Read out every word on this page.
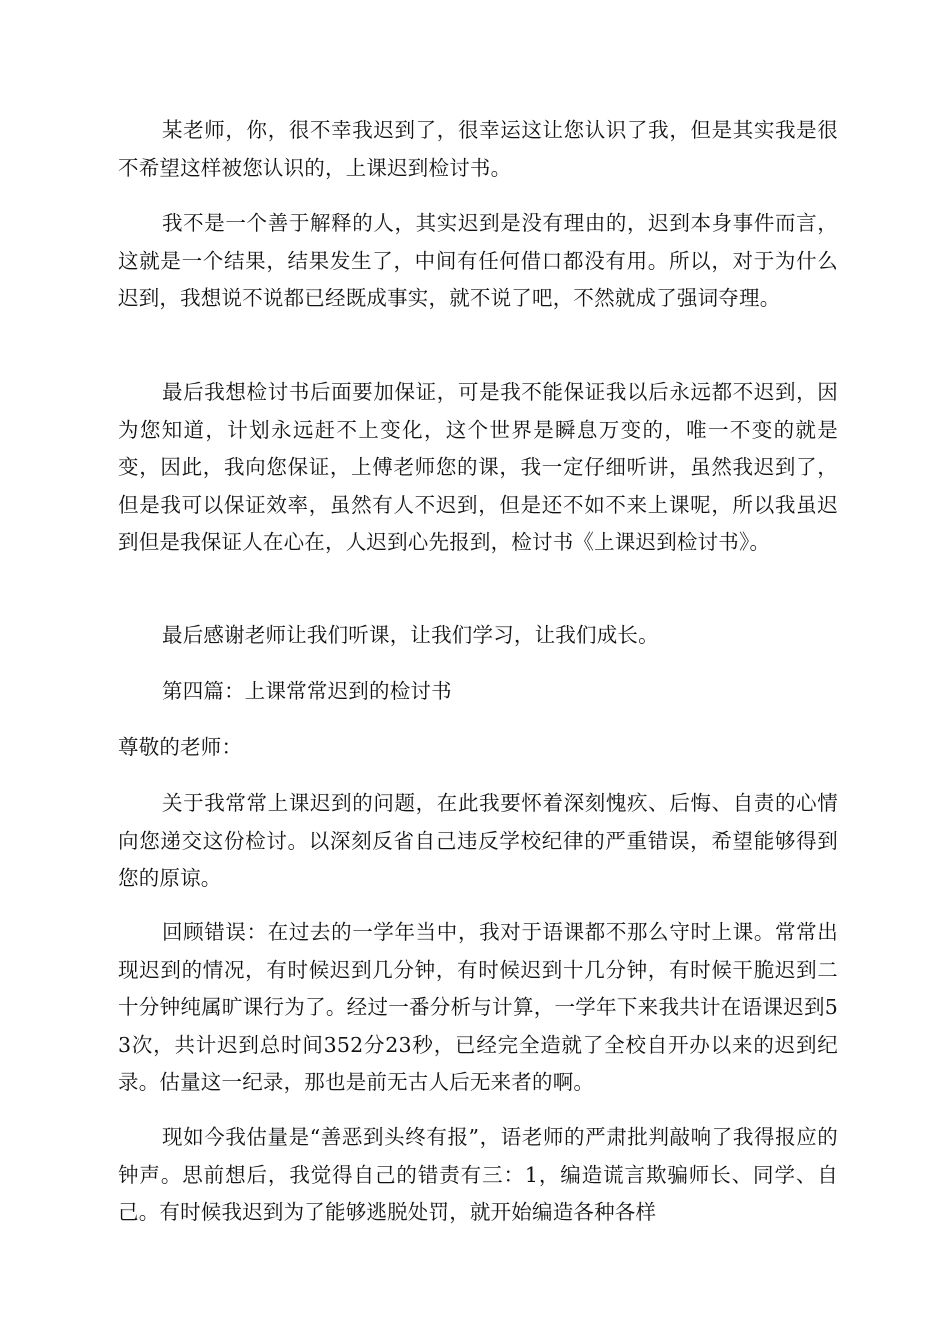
某老师，你，很不幸我迟到了，很幸运这让您认识了我，但是其实我是很不希望这样被您认识的，上课迟到检讨书。

我不是一个善于解释的人，其实迟到是没有理由的，迟到本身事件而言，这就是一个结果，结果发生了，中间有任何借口都没有用。所以，对于为什么迟到，我想说不说都已经既成事实，就不说了吧，不然就成了强词夺理。

最后我想检讨书后面要加保证，可是我不能保证我以后永远都不迟到，因为您知道，计划永远赶不上变化，这个世界是瞬息万变的，唯一不变的就是变，因此，我向您保证，上傅老师您的课，我一定仔细听讲，虽然我迟到了，但是我可以保证效率，虽然有人不迟到，但是还不如不来上课呢，所以我虽迟到但是我保证人在心在，人迟到心先报到，检讨书《上课迟到检讨书》。

最后感谢老师让我们听课，让我们学习，让我们成长。

第四篇：上课常常迟到的检讨书

尊敬的老师：

关于我常常上课迟到的问题，在此我要怀着深刻愧疚、后悔、自责的心情向您递交这份检讨。以深刻反省自己违反学校纪律的严重错误，希望能够得到您的原谅。

回顾错误：在过去的一学年当中，我对于语课都不那么守时上课。常常出现迟到的情况，有时候迟到几分钟，有时候迟到十几分钟，有时候干脆迟到二十分钟纯属旷课行为了。经过一番分析与计算，一学年下来我共计在语课迟到53次，共计迟到总时间352分23秒，已经完全造就了全校自开办以来的迟到纪录。估量这一纪录，那也是前无古人后无来者的啊。

现如今我估量是“善恶到头终有报”，语老师的严肃批判敲响了我得报应的钟声。思前想后，我觉得自己的错责有三：1，编造谎言欺骗师长、同学、自己。有时候我迟到为了能够逃脱处罚，就开始编造各种各样
